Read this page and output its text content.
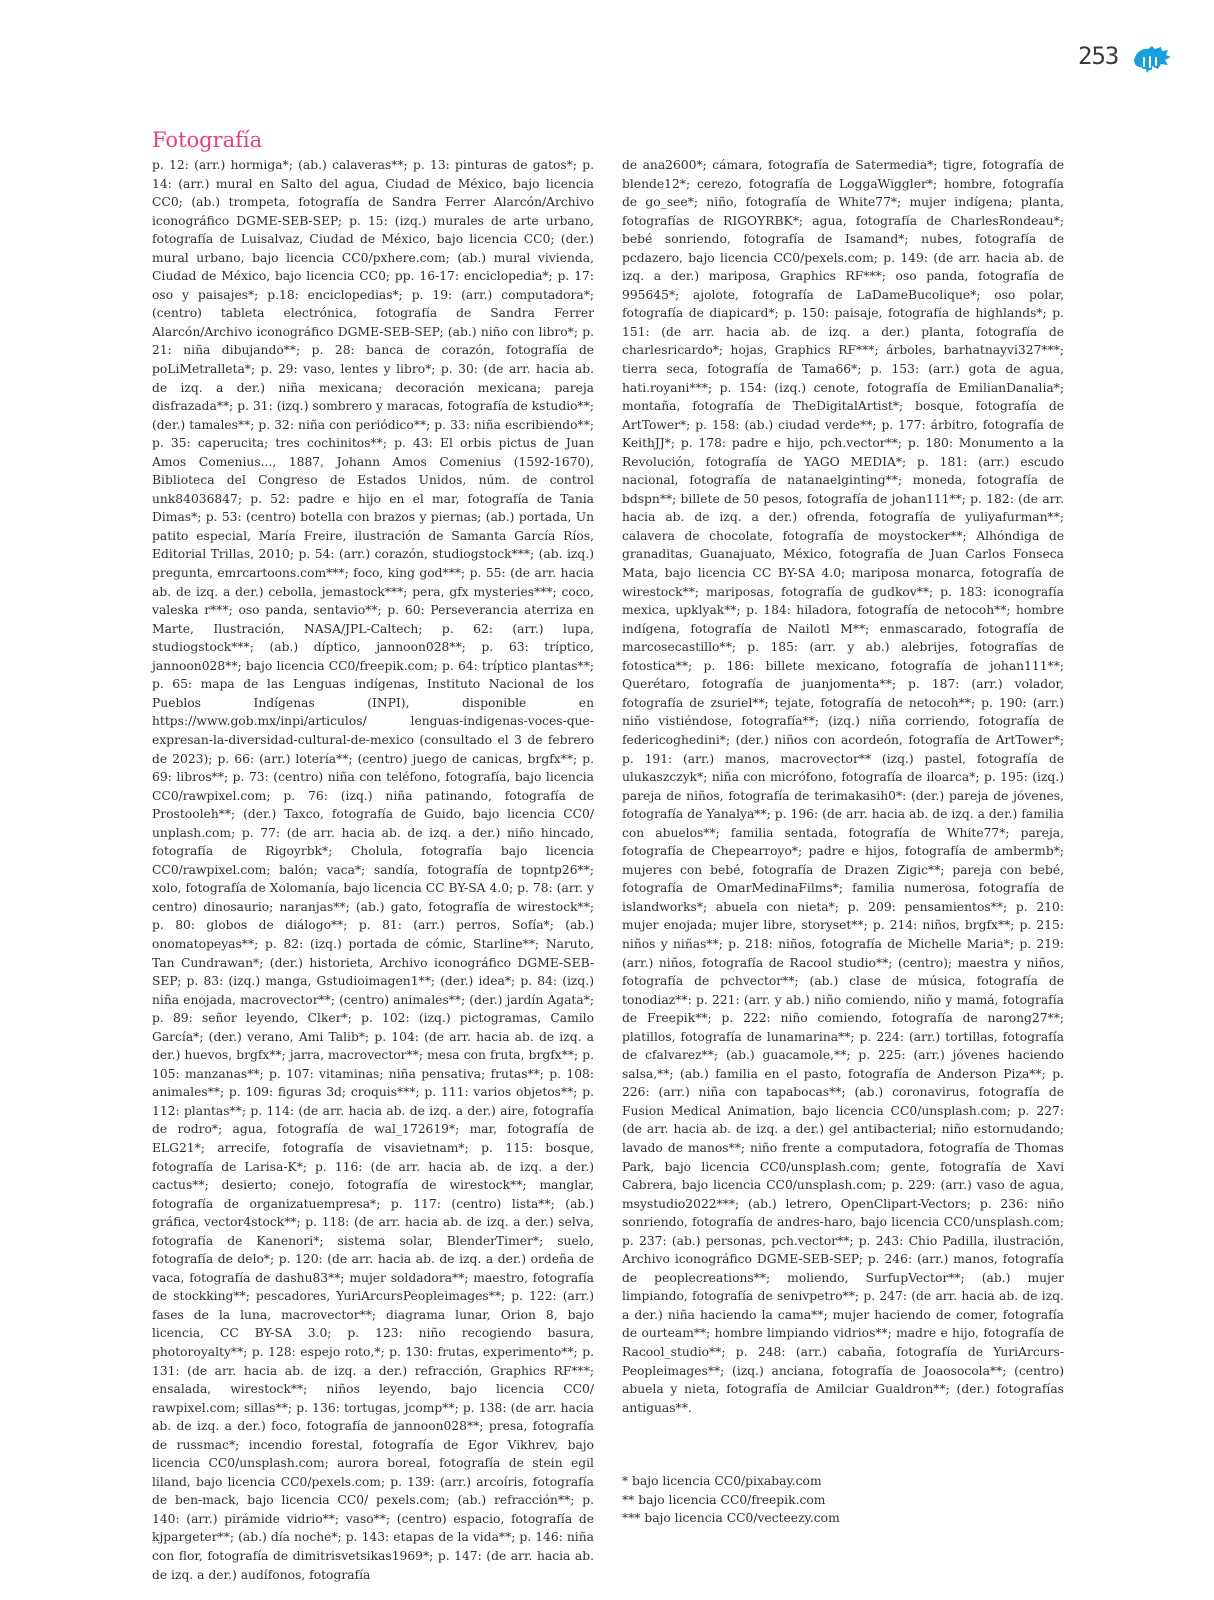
253
Fotografía

p. 12: (arr.) hormiga*; (ab.) calaveras**; p. 13: pinturas de gatos*; p. 14: (arr.) mural en Salto del agua, Ciudad de México, bajo licencia CC0; (ab.) trompeta, fotografía de Sandra Ferrer Alarcón/Archivo iconográfico DGME-SEB-SEP; p. 15: (izq.) murales de arte urbano, fotografía de Luisalvaz, Ciudad de México, bajo licencia CC0; (der.) mural urbano, bajo licencia CC0/pxhere.com; (ab.) mural vivienda, Ciudad de México, bajo licencia CC0; pp. 16-17: enciclopedia*; p. 17: oso y paisajes*; p.18: enciclopedias*; p. 19: (arr.) computadora*; (centro) tableta electrónica, fotografía de Sandra Ferrer Alarcón/Archivo iconográfico DGME-SEB-SEP; (ab.) niño con libro*; p. 21: niña dibujando**; p. 28: banca de corazón, fotografía de poLiMetralleta*; p. 29: vaso, lentes y libro*; p. 30: (de arr. hacia ab. de izq. a der.) niña mexicana; decoración mexicana; pareja disfrazada**; p. 31: (izq.) sombrero y maracas, fotografía de kstudio**; (der.) tamales**; p. 32: niña con periódico**; p. 33: niña escribiendo**; p. 35: caperucita; tres cochinitos**; p. 43: El orbis pictus de Juan Amos Comenius..., 1887, Johann Amos Comenius (1592-1670), Biblioteca del Congreso de Estados Unidos, núm. de control unk84036847; p. 52: padre e hijo en el mar, fotografía de Tania Dimas*; p. 53: (centro) botella con brazos y piernas; (ab.) portada, Un patito especial, María Freire, ilustración de Samanta García Ríos, Editorial Trillas, 2010; p. 54: (arr.) corazón, studiogstock***; (ab. izq.) pregunta, emrcartoons.com***; foco, king god***; p. 55: (de arr. hacia ab. de izq. a der.) cebolla, jemastock***; pera, gfx mysteries***; coco, valeska r***; oso panda, sentavio**; p. 60: Perseverancia aterriza en Marte, Ilustración, NASA/JPL-Caltech; p. 62: (arr.) lupa, studiogstock***; (ab.) díptico, jannoon028**; p. 63: tríptico, jannoon028**; bajo licencia CC0/freepik.com; p. 64: tríptico plantas**; p. 65: mapa de las Lenguas indígenas, Instituto Nacional de los Pueblos Indígenas (INPI), disponible en https://www.gob.mx/inpi/articulos/ lenguas-indigenas-voces-que-expresan-la-diversidad-cultural-de-mexico (consultado el 3 de febrero de 2023); p. 66: (arr.) lotería**; (centro) juego de canicas, brgfx**; p. 69: libros**; p. 73: (centro) niña con teléfono, fotografía, bajo licencia CC0/rawpixel.com; p. 76: (izq.) niña patinando, fotografía de Prostooleh**; (der.) Taxco, fotografía de Guido, bajo licencia CC0/ unplash.com; p. 77: (de arr. hacia ab. de izq. a der.) niño hincado, fotografía de Rigoyrbk*; Cholula, fotografía bajo licencia CC0/rawpixel.com; balón; vaca*; sandía, fotografía de topntp26**; xolo, fotografía de Xolomanía, bajo licencia CC BY-SA 4.0; p. 78: (arr. y centro) dinosaurio; naranjas**; (ab.) gato, fotografía de wirestock**; p. 80: globos de diálogo**; p. 81: (arr.) perros, Sofía*; (ab.) onomatopeyas**; p. 82: (izq.) portada de cómic, Starline**; Naruto, Tan Cundrawan*; (der.) historieta, Archivo iconográfico DGME-SEB-SEP; p. 83: (izq.) manga, Gstudioimagen1**; (der.) idea*; p. 84: (izq.) niña enojada, macrovector**; (centro) animales**; (der.) jardín Agata*; p. 89: señor leyendo, Clker*; p. 102: (izq.) pictogramas, Camilo García*; (der.) verano, Ami Talib*; p. 104: (de arr. hacia ab. de izq. a der.) huevos, brgfx**; jarra, macrovector**; mesa con fruta, brgfx**; p. 105: manzanas**; p. 107: vitaminas; niña pensativa; frutas**; p. 108: animales**; p. 109: figuras 3d; croquis***; p. 111: varios objetos**; p. 112: plantas**; p. 114: (de arr. hacia ab. de izq. a der.) aire, fotografía de rodro*; agua, fotografía de wal_172619*; mar, fotografía de ELG21*; arrecife, fotografía de visavietnam*; p. 115: bosque, fotografía de Larisa-K*; p. 116: (de arr. hacia ab. de izq. a der.) cactus**; desierto; conejo, fotografía de wirestock**; manglar, fotografía de organizatuempresa*; p. 117: (centro) lista**; (ab.) gráfica, vector4stock**; p. 118: (de arr. hacia ab. de izq. a der.) selva, fotografía de Kanenori*; sistema solar, BlenderTimer*; suelo, fotografía de delo*; p. 120: (de arr. hacia ab. de izq. a der.) ordeña de vaca, fotografía de dashu83**; mujer soldadora**; maestro, fotografía de stockking**; pescadores, YuriArcursPeopleimages**; p. 122: (arr.) fases de la luna, macrovector**; diagrama lunar, Orion 8, bajo licencia, CC BY-SA 3.0; p. 123: niño recogiendo basura, photoroyalty**; p. 128: espejo roto,*; p. 130: frutas, experimento**; p. 131: (de arr. hacia ab. de izq. a der.) refracción, Graphics RF***; ensalada, wirestock**; niños leyendo, bajo licencia CC0/ rawpixel.com; sillas**; p. 136: tortugas, jcomp**; p. 138: (de arr. hacia ab. de izq. a der.) foco, fotografía de jannoon028**; presa, fotografía de russmac*; incendio forestal, fotografía de Egor Vikhrev, bajo licencia CC0/unsplash.com; aurora boreal, fotografía de stein egil liland, bajo licencia CC0/pexels.com; p. 139: (arr.) arcoíris, fotografía de ben-mack, bajo licencia CC0/ pexels.com; (ab.) refracción**; p. 140: (arr.) pirámide vidrio**; vaso**; (centro) espacio, fotografía de kjpargeter**; (ab.) día noche*; p. 143: etapas de la vida**; p. 146: niña con flor, fotografía de dimitrisvetsikas1969*; p. 147: (de arr. hacia ab. de izq. a der.) audífonos, fotografía

de ana2600*; cámara, fotografía de Satermedia*; tigre, fotografía de blende12*; cerezo, fotografía de LoggaWiggler*; hombre, fotografía de go_see*; niño, fotografía de White77*; mujer indígena; planta, fotografías de RIGOYRBK*; agua, fotografía de CharlesRondeau*; bebé sonriendo, fotografía de Isamand*; nubes, fotografía de pcdazero, bajo licencia CC0/pexels.com; p. 149: (de arr. hacia ab. de izq. a der.) mariposa, Graphics RF***; oso panda, fotografía de 995645*; ajolote, fotografía de LaDameBucolique*; oso polar, fotografía de diapicard*; p. 150: paisaje, fotografía de highlands*; p. 151: (de arr. hacia ab. de izq. a der.) planta, fotografía de charlesricardo*; hojas, Graphics RF***; árboles, barhatnayvi327***; tierra seca, fotografía de Tama66*; p. 153: (arr.) gota de agua, hati.royani***; p. 154: (izq.) cenote, fotografía de EmilianDanalia*; montaña, fotografía de TheDigitalArtist*; bosque, fotografía de ArtTower*; p. 158: (ab.) ciudad verde**; p. 177: árbitro, fotografía de KeithJJ*; p. 178: padre e hijo, pch.vector**; p. 180: Monumento a la Revolución, fotografía de YAGO MEDIA*; p. 181: (arr.) escudo nacional, fotografía de natanaelginting**; moneda, fotografía de bdspn**; billete de 50 pesos, fotografía de johan111**; p. 182: (de arr. hacia ab. de izq. a der.) ofrenda, fotografía de yuliyafurman**; calavera de chocolate, fotografía de moystocker**; Alhóndiga de granaditas, Guanajuato, México, fotografía de Juan Carlos Fonseca Mata, bajo licencia CC BY-SA 4.0; mariposa monarca, fotografía de wirestock**; mariposas, fotografía de gudkov**; p. 183: iconografía mexica, upklyak**; p. 184: hiladora, fotografía de netocoh**; hombre indígena, fotografía de Nailotl M**; enmascarado, fotografía de marcosecastillo**; p. 185: (arr. y ab.) alebrijes, fotografías de fotostica**; p. 186: billete mexicano, fotografía de johan111**; Querétaro, fotografía de juanjomenta**; p. 187: (arr.) volador, fotografía de zsuriel**; tejate, fotografía de netocoh**; p. 190: (arr.) niño vistiéndose, fotografía**; (izq.) niña corriendo, fotografía de federicoghedini*; (der.) niños con acordeón, fotografía de ArtTower*; p. 191: (arr.) manos, macrovector** (izq.) pastel, fotografía de ulukaszczyk*; niña con micrófono, fotografía de iloarca*; p. 195: (izq.) pareja de niños, fotografía de terimakasih0*: (der.) pareja de jóvenes, fotografía de Yanalya**; p. 196: (de arr. hacia ab. de izq. a der.) familia con abuelos**; familia sentada, fotografía de White77*; pareja, fotografía de Chepearroyo*; padre e hijos, fotografía de ambermb*; mujeres con bebé, fotografía de Drazen Zigic**; pareja con bebé, fotografía de OmarMedinaFilms*; familia numerosa, fotografía de islandworks*; abuela con nieta*; p. 209: pensamientos**; p. 210: mujer enojada; mujer libre, storyset**; p. 214: niños, brgfx**; p. 215: niños y niñas**; p. 218: niños, fotografía de Michelle Maria*; p. 219: (arr.) niños, fotografía de Racool studio**; (centro); maestra y niños, fotografía de pchvector**; (ab.) clase de música, fotografía de tonodiaz**: p. 221: (arr. y ab.) niño comiendo, niño y mamá, fotografía de Freepik**; p. 222: niño comiendo, fotografía de narong27**; platillos, fotografía de lunamarina**; p. 224: (arr.) tortillas, fotografía de cfalvarez**; (ab.) guacamole,**; p. 225: (arr.) jóvenes haciendo salsa,**; (ab.) familia en el pasto, fotografía de Anderson Piza**; p. 226: (arr.) niña con tapabocas**; (ab.) coronavirus, fotografía de Fusion Medical Animation, bajo licencia CC0/unsplash.com; p. 227: (de arr. hacia ab. de izq. a der.) gel antibacterial; niño estornudando; lavado de manos**; niño frente a computadora, fotografía de Thomas Park, bajo licencia CC0/unsplash.com; gente, fotografía de Xavi Cabrera, bajo licencia CC0/unsplash.com; p. 229: (arr.) vaso de agua, msystudio2022***; (ab.) letrero, OpenClipart-Vectors; p. 236: niño sonriendo, fotografía de andres-haro, bajo licencia CC0/unsplash.com; p. 237: (ab.) personas, pch.vector**; p. 243: Chio Padilla, ilustración, Archivo iconográfico DGME-SEB-SEP; p. 246: (arr.) manos, fotografía de peoplecreations**; moliendo, SurfupVector**; (ab.) mujer limpiando, fotografía de senivpetro**; p. 247: (de arr. hacia ab. de izq. a der.) niña haciendo la cama**; mujer haciendo de comer, fotografía de ourteam**; hombre limpiando vidrios**; madre e hijo, fotografía de Racool_studio**; p. 248: (arr.) cabaña, fotografía de YuriArcurs-Peopleimages**; (izq.) anciana, fotografía de Joaosocola**; (centro) abuela y nieta, fotografía de Amilciar Gualdron**; (der.) fotografías antiguas**.

* bajo licencia CC0/pixabay.com
** bajo licencia CC0/freepik.com
*** bajo licencia CC0/vecteezy.com
